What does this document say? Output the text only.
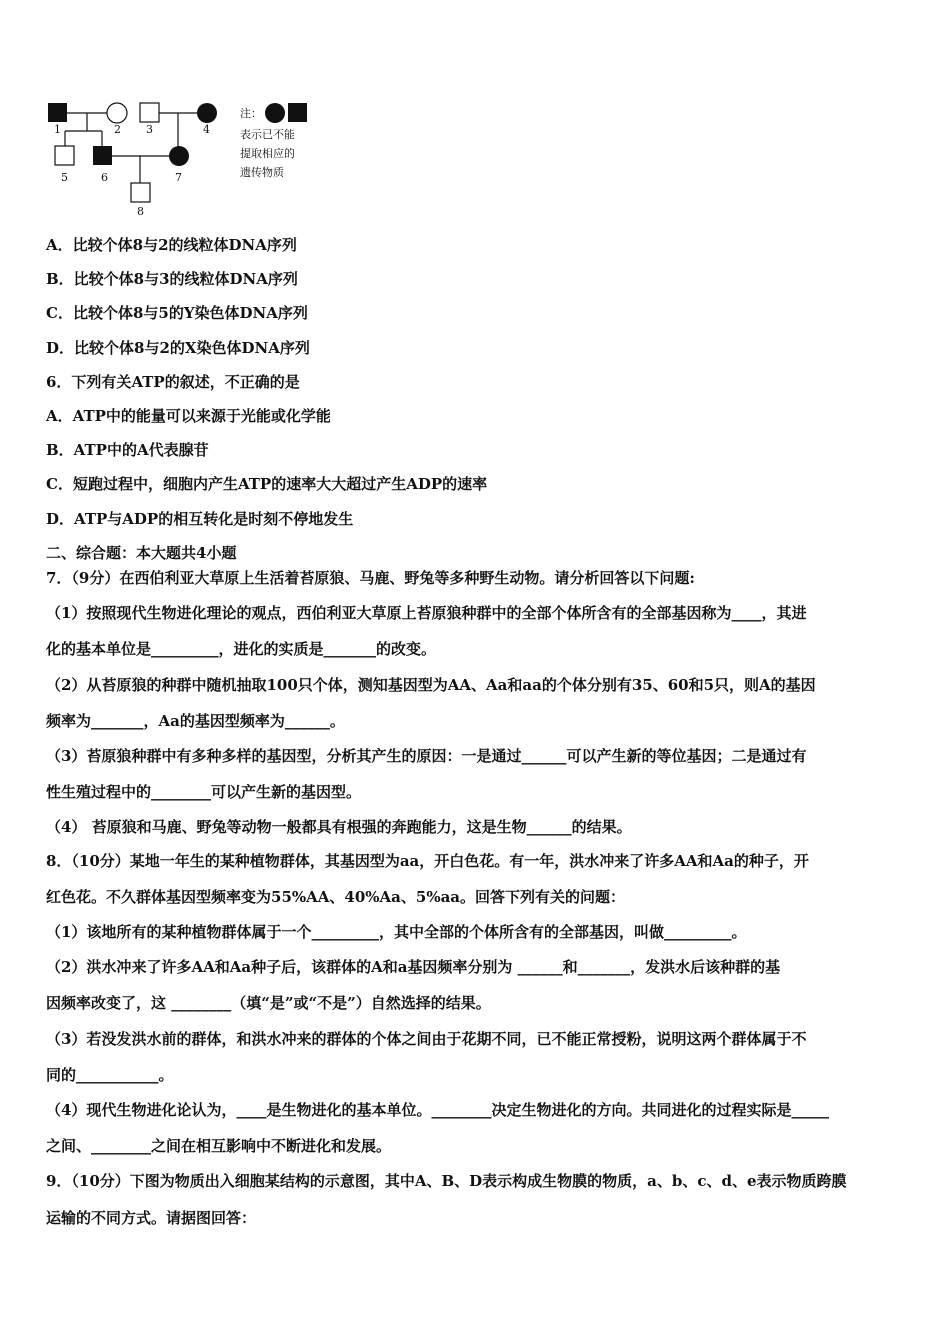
1	2 3	4
5	6	7
8
注：
表示已不能
提取相应的
遗传物质
A．比较个体8与2的线粒体DNA序列
B．比较个体8与3的线粒体DNA序列
C．比较个体8与5的Y染色体DNA序列
D．比较个体8与2的X染色体DNA序列
6．下列有关ATP的叙述，不正确的是
A．ATP中的能量可以来源于光能或化学能
B．ATP中的A代表腺苷
C．短跑过程中，细胞内产生ATP的速率大大超过产生ADP的速率
D．ATP与ADP的相互转化是时刻不停地发生
二、综合题：本大题共4小题
7．（9分）在西伯利亚大草原上生活着苔原狼、马鹿、野兔等多种野生动物。请分析回答以下问题:
（1）按照现代生物进化理论的观点，西伯利亚大草原上苔原狼种群中的全部个体所含有的全部基因称为____，其进
化的基本单位是_________，进化的实质是_______的改变。
（2）从苔原狼的种群中随机抽取100只个体，测知基因型为AA、Aa和aa的个体分别有35、60和5只，则A的基因
频率为_______，Aa的基因型频率为______。
（3）苔原狼种群中有多种多样的基因型，分析其产生的原因：一是通过______可以产生新的等位基因；二是通过有
性生殖过程中的________可以产生新的基因型。
（4） 苔原狼和马鹿、野兔等动物一般都具有根强的奔跑能力，这是生物______的结果。
8．（10分）某地一年生的某种植物群体，其基因型为aa，开白色花。有一年，洪水冲来了许多AA和Aa的种子，开
红色花。不久群体基因型频率变为55%AA、40%Aa、5%aa。回答下列有关的问题：
（1）该地所有的某种植物群体属于一个_________，其中全部的个体所含有的全部基因，叫做_________。
（2）洪水冲来了许多AA和Aa种子后，该群体的A和a基因频率分别为 ______和_______，发洪水后该种群的基
因频率改变了，这 ________（填“是”或“不是”）自然选择的结果。
（3）若没发洪水前的群体，和洪水冲来的群体的个体之间由于花期不同，已不能正常授粉，说明这两个群体属于不
同的___________。
（4）现代生物进化论认为，____是生物进化的基本单位。________决定生物进化的方向。共同进化的过程实际是_____
之间、________之间在相互影响中不断进化和发展。
9．（10分）下图为物质出入细胞某结构的示意图，其中A、B、D表示构成生物膜的物质，a、b、c、d、e表示物质跨膜
运输的不同方式。请据图回答：
